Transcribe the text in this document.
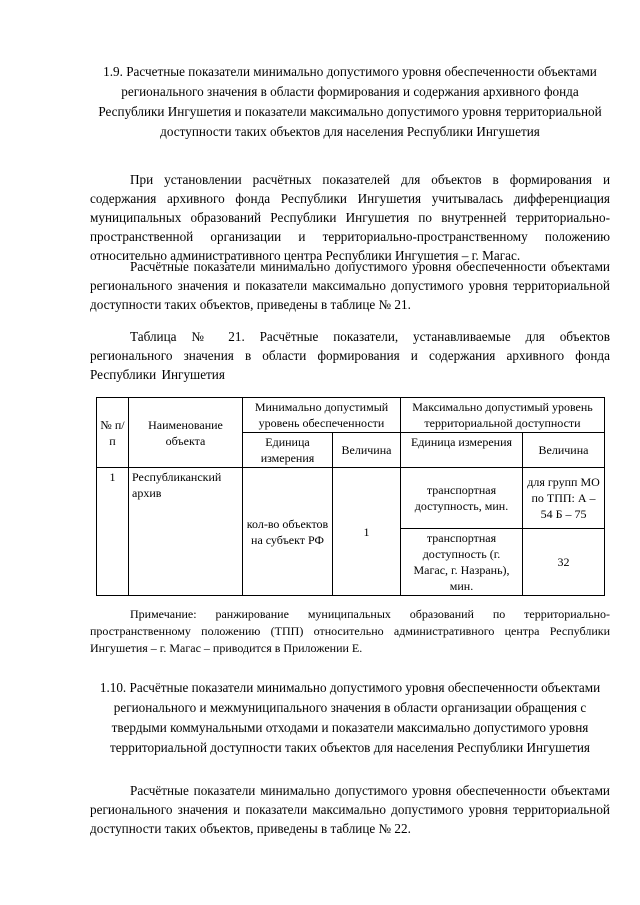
1.9. Расчетные показатели минимально допустимого уровня обеспеченности объектами регионального значения в области формирования и содержания архивного фонда Республики Ингушетия и показатели максимально допустимого уровня территориальной доступности таких объектов для населения Республики Ингушетия

При установлении расчётных показателей для объектов в формирования и содержания архивного фонда Республики Ингушетия учитывалась дифференциация муниципальных образований Республики Ингушетия по внутренней территориально-пространственной организации и территориально-пространственному положению относительно административного центра Республики Ингушетия – г. Магас.

Расчётные показатели минимально допустимого уровня обеспеченности объектами регионального значения и показатели максимально допустимого уровня территориальной доступности таких объектов, приведены в таблице № 21.

Таблица № 21. Расчётные показатели, устанавливаемые для объектов регионального значения в области формирования и содержания архивного фонда Республики Ингушетия

№ п/п	Наименование объекта	Минимально допустимый уровень обеспеченности		Максимально допустимый уровень территориальной доступности	
		Единица измерения	Величина	Единица измерения	Величина
1	Республиканский архив	кол-во объектов на субъект РФ	1	транспортная доступность, мин.	для групп МО по ТПП: А – 54 Б – 75
				транспортная доступность (г. Магас, г. Назрань), мин.	32

Примечание: ранжирование муниципальных образований по территориально-пространственному положению (ТПП) относительно административного центра Республики Ингушетия – г. Магас – приводится в Приложении Е.

1.10. Расчётные показатели минимально допустимого уровня обеспеченности объектами регионального и межмуниципального значения в области организации обращения с твердыми коммунальными отходами и показатели максимально допустимого уровня территориальной доступности таких объектов для населения Республики Ингушетия

Расчётные показатели минимально допустимого уровня обеспеченности объектами регионального значения и показатели максимально допустимого уровня территориальной доступности таких объектов, приведены в таблице № 22.
